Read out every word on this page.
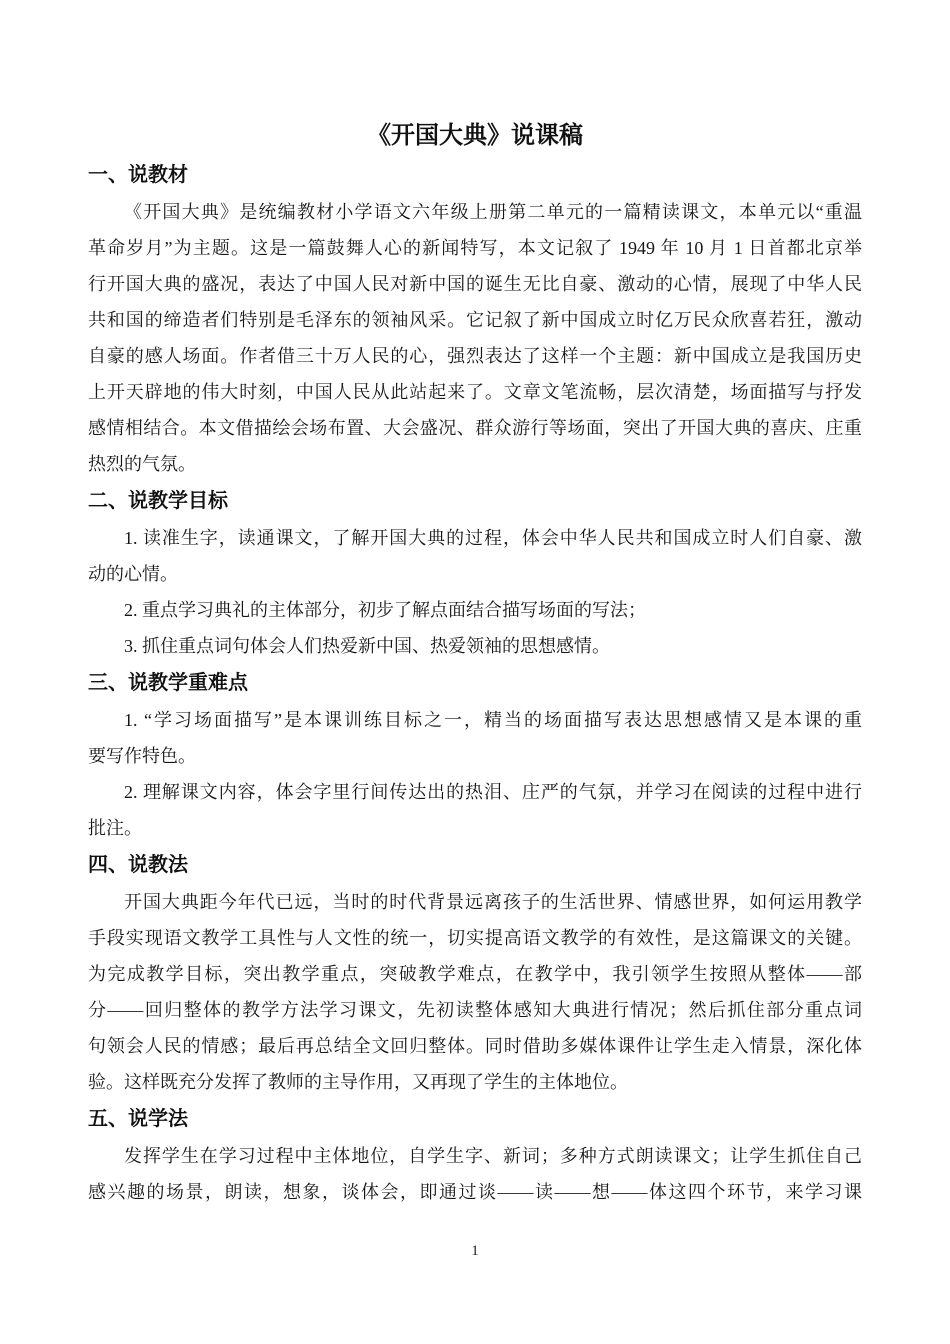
《开国大典》说课稿
一、说教材
《开国大典》是统编教材小学语文六年级上册第二单元的一篇精读课文，本单元以“重温
革命岁月”为主题。这是一篇鼓舞人心的新闻特写，本文记叙了 1949 年 10 月 1 日首都北京举
行开国大典的盛况，表达了中国人民对新中国的诞生无比自豪、激动的心情，展现了中华人民
共和国的缔造者们特别是毛泽东的领袖风采。它记叙了新中国成立时亿万民众欣喜若狂，激动
自豪的感人场面。作者借三十万人民的心，强烈表达了这样一个主题：新中国成立是我国历史
上开天辟地的伟大时刻，中国人民从此站起来了。文章文笔流畅，层次清楚，场面描写与抒发
感情相结合。本文借描绘会场布置、大会盛况、群众游行等场面，突出了开国大典的喜庆、庄重
热烈的气氛。
二、说教学目标
1. 读准生字，读通课文，了解开国大典的过程，体会中华人民共和国成立时人们自豪、激
动的心情。
2. 重点学习典礼的主体部分，初步了解点面结合描写场面的写法；
3. 抓住重点词句体会人们热爱新中国、热爱领袖的思想感情。
三、说教学重难点
1. “学习场面描写”是本课训练目标之一，精当的场面描写表达思想感情又是本课的重
要写作特色。
2. 理解课文内容，体会字里行间传达出的热泪、庄严的气氛，并学习在阅读的过程中进行
批注。
四、说教法
开国大典距今年代已远，当时的时代背景远离孩子的生活世界、情感世界，如何运用教学
手段实现语文教学工具性与人文性的统一，切实提高语文教学的有效性，是这篇课文的关键。
为完成教学目标，突出教学重点，突破教学难点，在教学中，我引领学生按照从整体——部
分——回归整体的教学方法学习课文，先初读整体感知大典进行情况；然后抓住部分重点词
句领会人民的情感；最后再总结全文回归整体。同时借助多媒体课件让学生走入情景，深化体
验。这样既充分发挥了教师的主导作用，又再现了学生的主体地位。
五、说学法
发挥学生在学习过程中主体地位，自学生字、新词；多种方式朗读课文；让学生抓住自己
感兴趣的场景，朗读，想象，谈体会，即通过谈——读——想——体这四个环节，来学习课
1
